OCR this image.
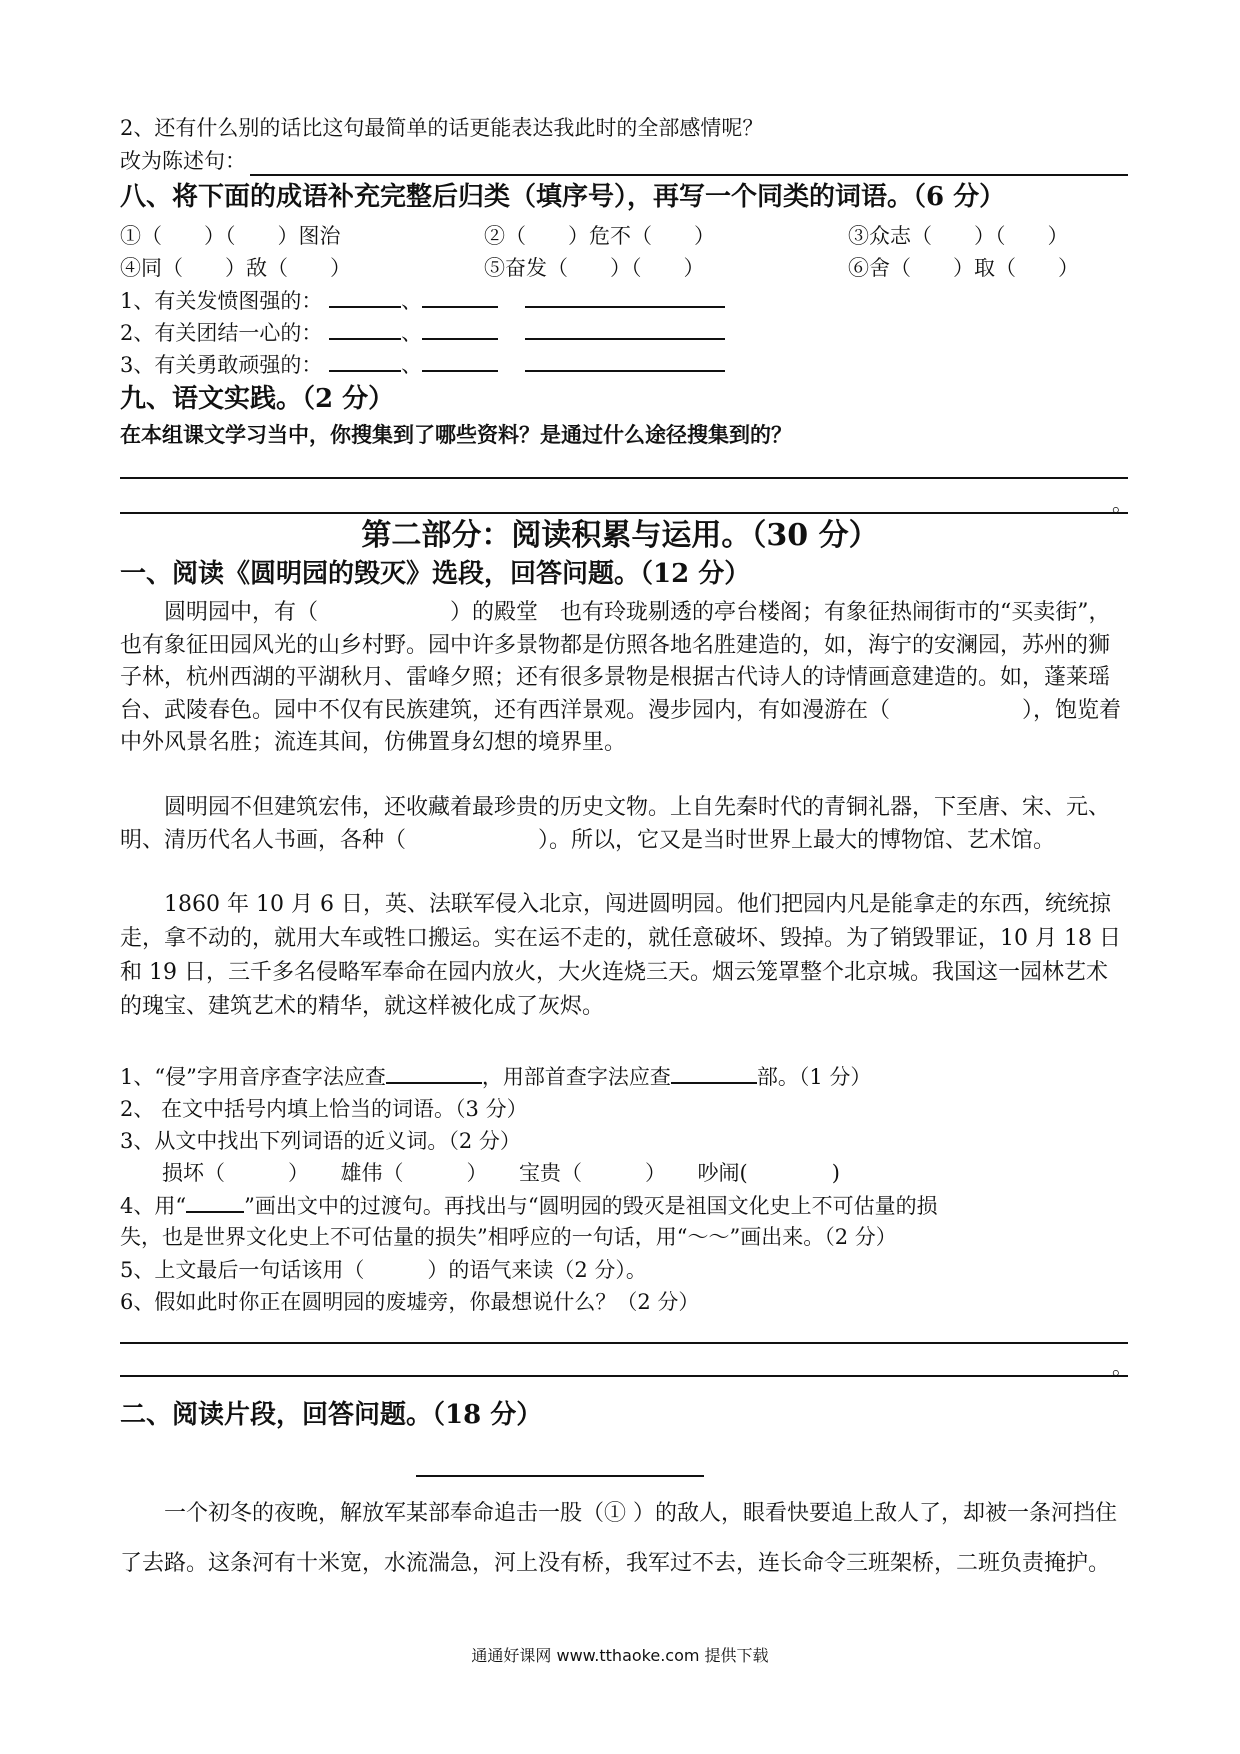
2、还有什么别的话比这句最简单的话更能表达我此时的全部感情呢？
改为陈述句：
八、将下面的成语补充完整后归类（填序号），再写一个同类的词语。（6 分）
①（　　）（　　）图治	②（　　）危不（　　）	③众志（　　）（　　）
④同（　　）敌（　　）	⑤奋发（　　）（　　）	⑥舍（　　）取（　　）
1、有关发愤图强的：	、
2、有关团结一心的：	、
3、有关勇敢顽强的：	、
九、语文实践。（2 分）
在本组课文学习当中，你搜集到了哪些资料？是通过什么途径搜集到的？
。
第二部分：阅读积累与运用。（30 分）
一、阅读《圆明园的毁灭》选段，回答问题。（12 分）
圆明园中，有（　　　　　　）的殿堂　也有玲珑剔透的亭台楼阁；有象征热闹街市的“买卖街”，也有象征田园风光的山乡村野。园中许多景物都是仿照各地名胜建造的，如，海宁的安澜园，苏州的狮子林，杭州西湖的平湖秋月、雷峰夕照；还有很多景物是根据古代诗人的诗情画意建造的。如，蓬莱瑶台、武陵春色。园中不仅有民族建筑，还有西洋景观。漫步园内，有如漫游在（　　　　　　），饱览着中外风景名胜；流连其间，仿佛置身幻想的境界里。
圆明园不但建筑宏伟，还收藏着最珍贵的历史文物。上自先秦时代的青铜礼器，下至唐、宋、元、明、清历代名人书画，各种（　　　　　　）。所以，它又是当时世界上最大的博物馆、艺术馆。
1860 年 10 月 6 日，英、法联军侵入北京，闯进圆明园。他们把园内凡是能拿走的东西，统统掠走，拿不动的，就用大车或牲口搬运。实在运不走的，就任意破坏、毁掉。为了销毁罪证，10 月 18 日和 19 日，三千多名侵略军奉命在园内放火，大火连烧三天。烟云笼罩整个北京城。我国这一园林艺术的瑰宝、建筑艺术的精华，就这样被化成了灰烬。
1、“侵”字用音序查字法应查	，用部首查字法应查	部。（1 分）
2、 在文中括号内填上恰当的词语。（3 分）
3、从文中找出下列词语的近义词。（2 分）
损坏（　　　）　　雄伟（　　　）　　宝贵（　　　）　　吵闹(　　　　)
4、用“	”画出文中的过渡句。再找出与“圆明园的毁灭是祖国文化史上不可估量的损
失，也是世界文化史上不可估量的损失”相呼应的一句话，用“～～”画出来。（2 分）
5、上文最后一句话该用（　　　）的语气来读（2 分）。
6、假如此时你正在圆明园的废墟旁，你最想说什么？（2 分）
。
二、阅读片段，回答问题。（18 分）
一个初冬的夜晚，解放军某部奉命追击一股（① ）的敌人，眼看快要追上敌人了，却被一条河挡住了去路。这条河有十米宽，水流湍急，河上没有桥，我军过不去，连长命令三班架桥，二班负责掩护。
通通好课网 www.tthaoke.com 提供下载
